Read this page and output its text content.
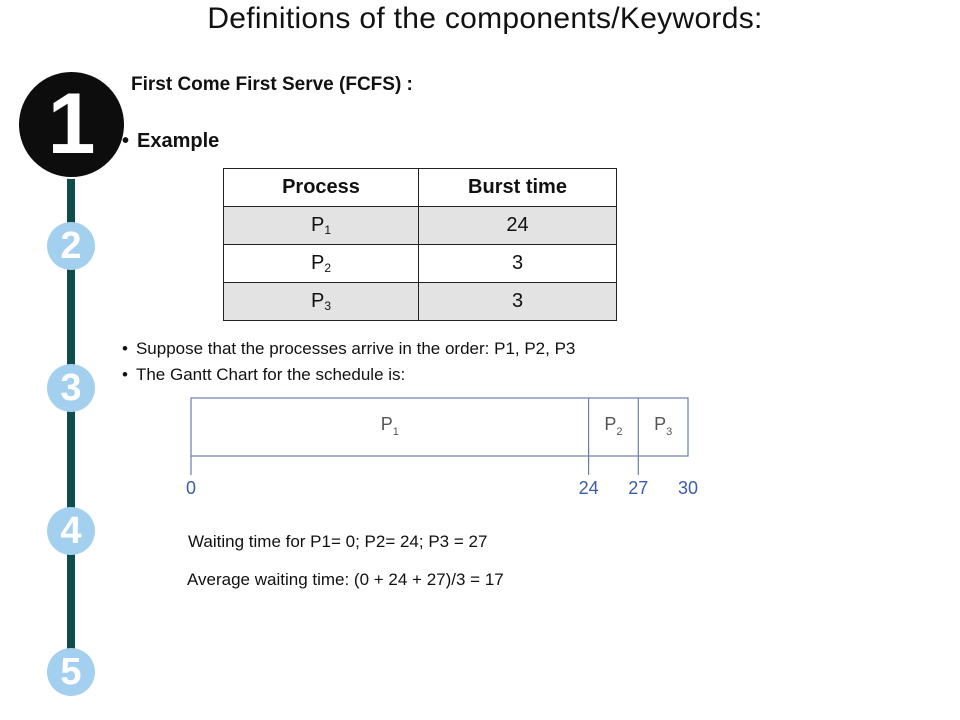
Definitions of the components/Keywords:
1
2
3
4
5
First Come First Serve (FCFS) :
• Example
Process	Burst time
$P_1$	24
$P_2$	3
$P_3$	3
• Suppose that the processes arrive in the order: P1, P2, P3
• The Gantt Chart for the schedule is:
$P_1$	$P_2$ $P_3$
0	24 27 30
Waiting time for P1= 0; P2= 24; P3 = 27
Average waiting time: (0 + 24 + 27)/3 = 17
